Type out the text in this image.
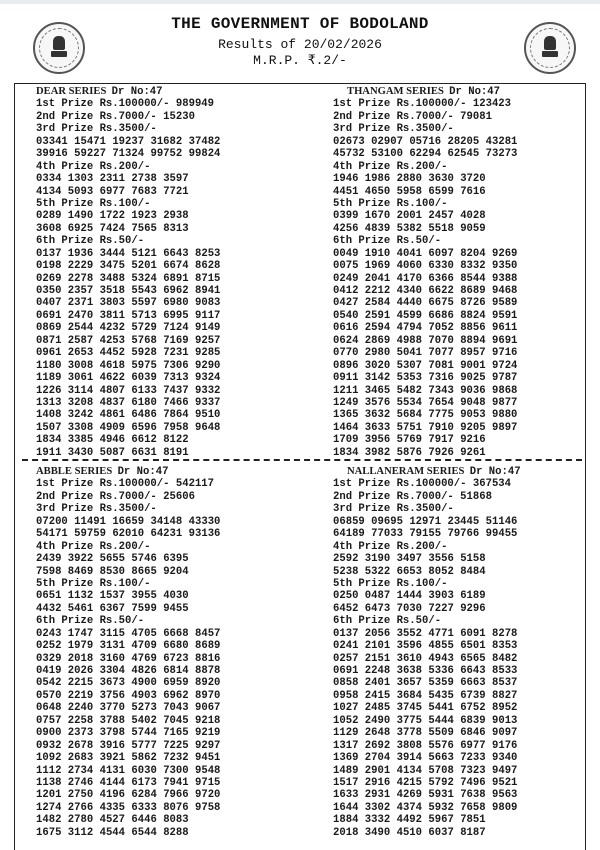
THE GOVERNMENT OF BODOLAND
Results of 20/02/2026
M.R.P. ₹.2/-
DEAR SERIES Dr No:47
1st Prize Rs.100000/- 989949
2nd Prize Rs.7000/- 15230
3rd Prize Rs.3500/-
03341 15471 19237 31682 37482
39916 59227 71324 99752 99824
4th Prize Rs.200/-
0334 1303 2311 2738 3597
4134 5093 6977 7683 7721
5th Prize Rs.100/-
0289 1490 1722 1923 2938
3608 6925 7424 7565 8313
6th Prize Rs.50/-
0137 1936 3444 5121 6643 8253
0198 2229 3475 5201 6674 8628
0269 2278 3488 5324 6891 8715
0350 2357 3518 5543 6962 8941
0407 2371 3803 5597 6980 9083
0691 2470 3811 5713 6995 9117
0869 2544 4232 5729 7124 9149
0871 2587 4253 5768 7169 9257
0961 2653 4452 5928 7231 9285
1180 3008 4618 5975 7306 9290
1189 3061 4622 6039 7313 9324
1226 3114 4807 6133 7437 9332
1313 3208 4837 6180 7466 9337
1408 3242 4861 6486 7864 9510
1507 3308 4909 6596 7958 9648
1834 3385 4946 6612 8122
1911 3430 5087 6631 8191
THANGAM SERIES Dr No:47
1st Prize Rs.100000/- 123423
2nd Prize Rs.7000/- 79081
3rd Prize Rs.3500/-
02673 02907 05716 28205 43281
45732 53100 62294 62545 73273
4th Prize Rs.200/-
1946 1986 2880 3630 3720
4451 4650 5958 6599 7616
5th Prize Rs.100/-
0399 1670 2001 2457 4028
4256 4839 5382 5518 9059
6th Prize Rs.50/-
0049 1910 4041 6097 8204 9269
0075 1969 4060 6330 8332 9350
0249 2041 4170 6366 8544 9388
0412 2212 4340 6622 8689 9468
0427 2584 4440 6675 8726 9589
0540 2591 4599 6686 8824 9591
0616 2594 4794 7052 8856 9611
0624 2869 4988 7070 8894 9691
0770 2980 5041 7077 8957 9716
0896 3020 5307 7081 9001 9724
0911 3142 5353 7316 9025 9787
1211 3465 5482 7343 9036 9868
1249 3576 5534 7654 9048 9877
1365 3632 5684 7775 9053 9880
1464 3633 5751 7910 9205 9897
1709 3956 5769 7917 9216
1834 3982 5876 7926 9261
ABBLE SERIES Dr No:47
1st Prize Rs.100000/- 542117
2nd Prize Rs.7000/- 25606
3rd Prize Rs.3500/-
07200 11491 16659 34148 43330
54171 59759 62010 64231 93136
4th Prize Rs.200/-
2439 3922 5655 5746 6395
7598 8469 8530 8665 9204
5th Prize Rs.100/-
0651 1132 1537 3955 4030
4432 5461 6367 7599 9455
6th Prize Rs.50/-
0243 1747 3115 4705 6668 8457
0252 1979 3131 4709 6680 8689
0329 2018 3160 4769 6723 8816
0419 2026 3304 4826 6814 8878
0542 2215 3673 4900 6959 8920
0570 2219 3756 4903 6962 8970
0648 2240 3770 5273 7043 9067
0757 2258 3788 5402 7045 9218
0900 2373 3798 5744 7165 9219
0932 2678 3916 5777 7225 9297
1092 2683 3921 5862 7232 9451
1112 2734 4131 6030 7300 9548
1138 2746 4144 6173 7941 9715
1201 2750 4196 6284 7966 9720
1274 2766 4335 6333 8076 9758
1482 2780 4527 6446 8083
1675 3112 4544 6544 8288
NALLANERAM SERIES Dr No:47
1st Prize Rs.100000/- 367534
2nd Prize Rs.7000/- 51868
3rd Prize Rs.3500/-
06859 09695 12971 23445 51146
64189 77033 79155 79766 99455
4th Prize Rs.200/-
2592 3190 3497 3556 5158
5238 5322 6653 8052 8484
5th Prize Rs.100/-
0250 0487 1444 3903 6189
6452 6473 7030 7227 9296
6th Prize Rs.50/-
0137 2056 3552 4771 6091 8278
0241 2101 3596 4855 6501 8353
0257 2151 3610 4943 6565 8482
0691 2248 3638 5336 6643 8533
0858 2401 3657 5359 6663 8537
0958 2415 3684 5435 6739 8827
1027 2485 3745 5441 6752 8952
1052 2490 3775 5444 6839 9013
1129 2648 3778 5509 6846 9097
1317 2692 3808 5576 6977 9176
1369 2704 3914 5663 7233 9340
1489 2901 4134 5708 7323 9497
1517 2916 4215 5792 7496 9521
1633 2931 4269 5931 7638 9563
1644 3302 4374 5932 7658 9809
1884 3332 4492 5967 7851
2018 3490 4510 6037 8187
